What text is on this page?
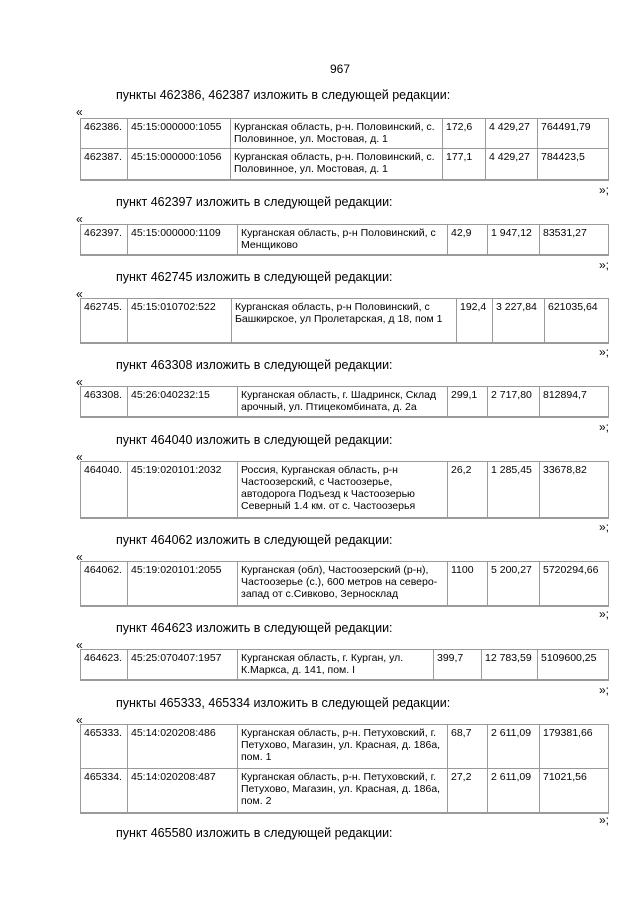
967
пункты 462386, 462387 изложить в следующей редакции:
«
462386.	45:15:000000:1055	Курганская область, р-н. Половинский, с. Половинное, ул. Мостовая, д. 1	172,6	4 429,27	764491,79
462387.	45:15:000000:1056	Курганская область, р-н. Половинский, с. Половинное, ул. Мостовая, д. 1	177,1	4 429,27	784423,5
»;
пункт 462397 изложить в следующей редакции:
«
462397.	45:15:000000:1109	Курганская область, р-н Половинский, с Менщиково	42,9	1 947,12	83531,27
»;
пункт 462745 изложить в следующей редакции:
«
462745.	45:15:010702:522	Курганская область, р-н Половинский, с Башкирское, ул Пролетарская, д 18, пом 1	192,4	3 227,84	621035,64
»;
пункт 463308 изложить в следующей редакции:
«
463308.	45:26:040232:15	Курганская область, г. Шадринск, Склад арочный, ул. Птицекомбината, д. 2а	299,1	2 717,80	812894,7
»;
пункт 464040 изложить в следующей редакции:
«
464040.	45:19:020101:2032	Россия, Курганская область, р-н Частоозерский, с Частоозерье, автодорога Подъезд к Частоозерью Северный 1.4 км. от с. Частоозерья	26,2	1 285,45	33678,82
»;
пункт 464062 изложить в следующей редакции:
«
464062.	45:19:020101:2055	Курганская (обл), Частоозерский (р-н), Частоозерье (с.), 600 метров на северо-запад от с.Сивково, Зерносклад	1100	5 200,27	5720294,66
»;
пункт 464623 изложить в следующей редакции:
«
464623.	45:25:070407:1957	Курганская область, г. Курган, ул. К.Маркса, д. 141, пом. I	399,7	12 783,59	5109600,25
»;
пункты 465333, 465334 изложить в следующей редакции:
«
465333.	45:14:020208:486	Курганская область, р-н. Петуховский, г. Петухово, Магазин, ул. Красная, д. 186а, пом. 1	68,7	2 611,09	179381,66
465334.	45:14:020208:487	Курганская область, р-н. Петуховский, г. Петухово, Магазин, ул. Красная, д. 186а, пом. 2	27,2	2 611,09	71021,56
»;
пункт 465580 изложить в следующей редакции:
